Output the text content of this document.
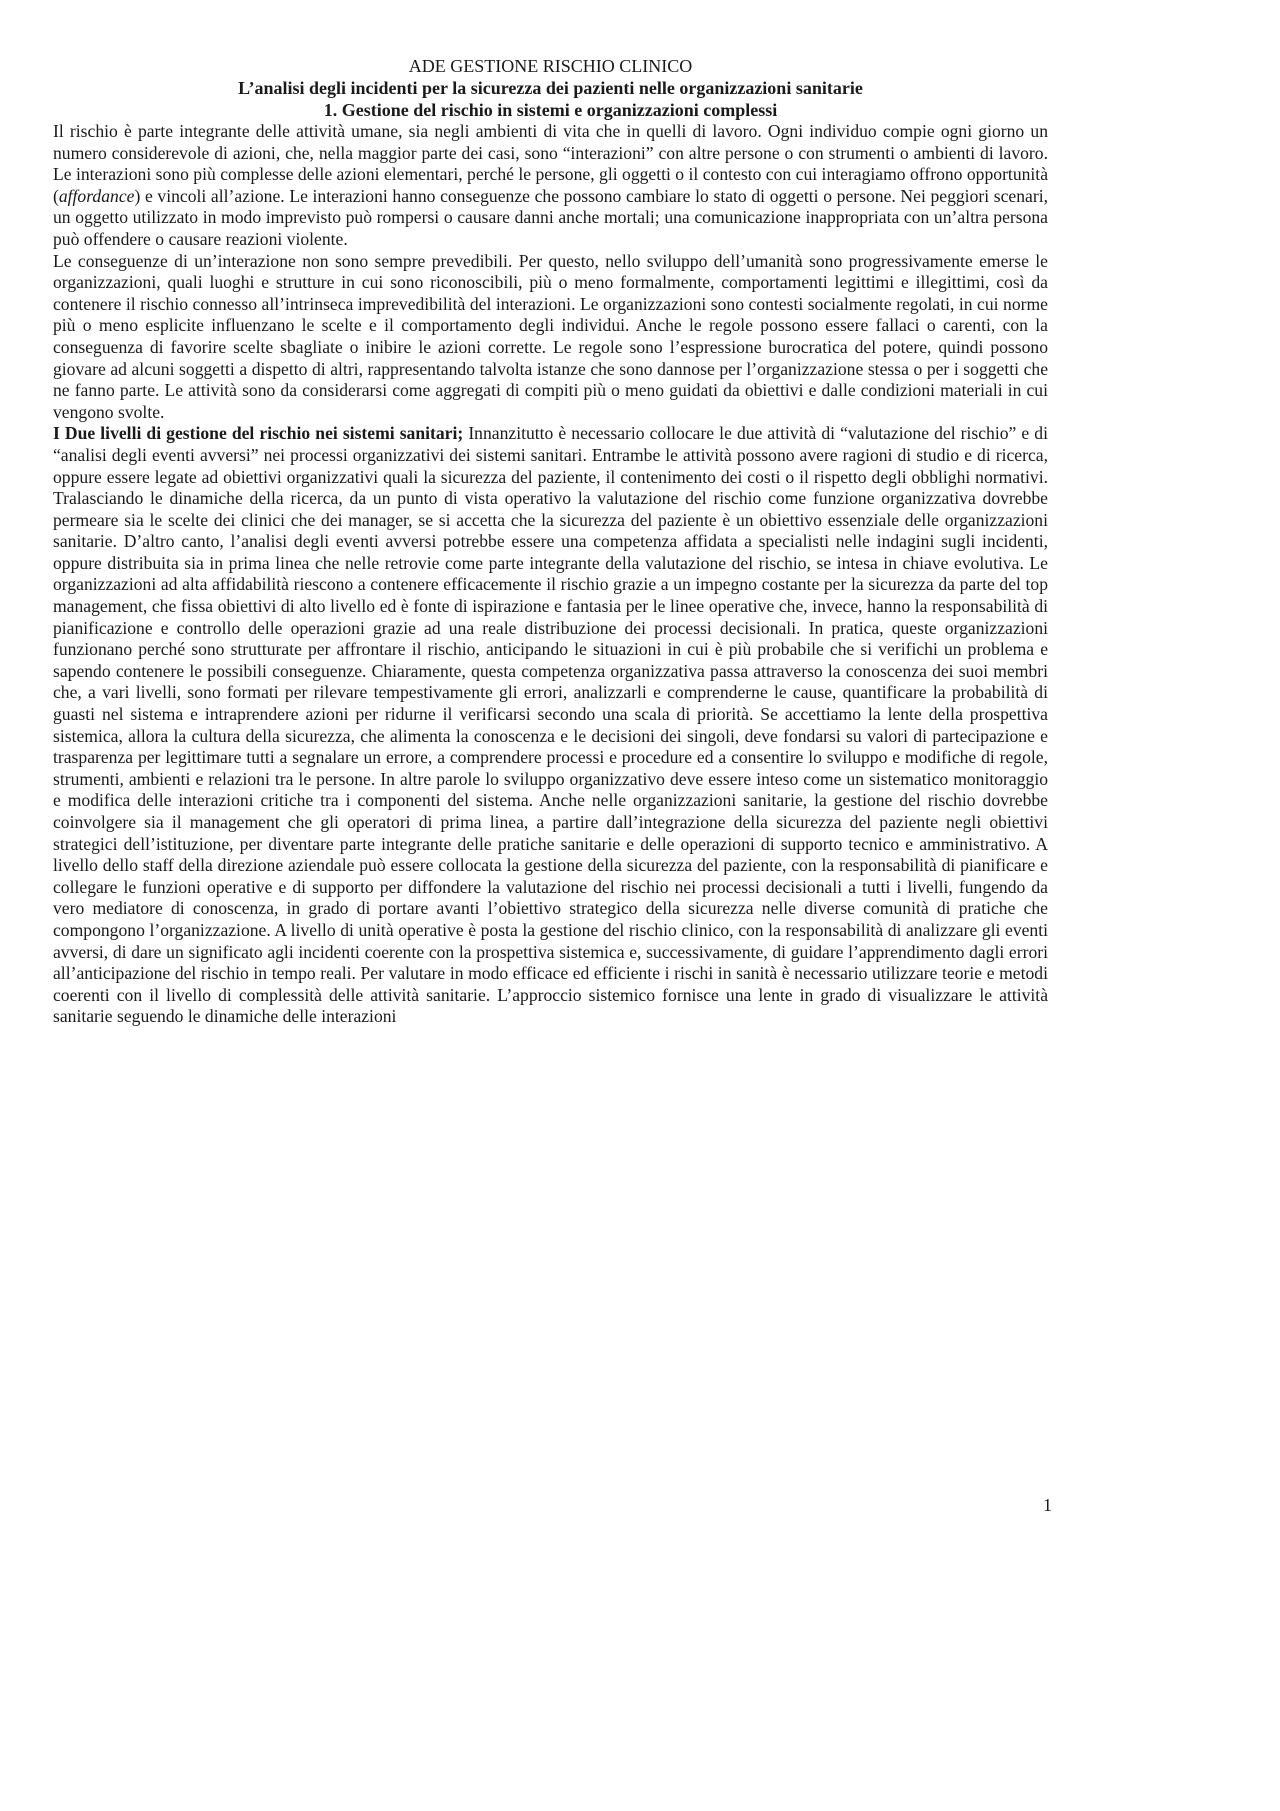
ADE GESTIONE RISCHIO CLINICO

L’analisi degli incidenti per la sicurezza dei pazienti nelle organizzazioni sanitarie

1. Gestione del rischio in sistemi e organizzazioni complessi

Il rischio è parte integrante delle attività umane, sia negli ambienti di vita che in quelli di lavoro. Ogni individuo compie ogni giorno un numero considerevole di azioni, che, nella maggior parte dei casi, sono “interazioni” con altre persone o con strumenti o ambienti di lavoro. Le interazioni sono più complesse delle azioni elementari, perché le persone, gli oggetti o il contesto con cui interagiamo offrono opportunità (affordance) e vincoli all’azione. Le interazioni hanno conseguenze che possono cambiare lo stato di oggetti o persone. Nei peggiori scenari, un oggetto utilizzato in modo imprevisto può rompersi o causare danni anche mortali; una comunicazione inappropriata con un’altra persona può offendere o causare reazioni violente.

Le conseguenze di un’interazione non sono sempre prevedibili. Per questo, nello sviluppo dell’umanità sono progressivamente emerse le organizzazioni, quali luoghi e strutture in cui sono riconoscibili, più o meno formalmente, comportamenti legittimi e illegittimi, così da contenere il rischio connesso all’intrinseca imprevedibilità del interazioni. Le organizzazioni sono contesti socialmente regolati, in cui norme più o meno esplicite influenzano le scelte e il comportamento degli individui. Anche le regole possono essere fallaci o carenti, con la conseguenza di favorire scelte sbagliate o inibire le azioni corrette. Le regole sono l’espressione burocratica del potere, quindi possono giovare ad alcuni soggetti a dispetto di altri, rappresentando talvolta istanze che sono dannose per l’organizzazione stessa o per i soggetti che ne fanno parte. Le attività sono da considerarsi come aggregati di compiti più o meno guidati da obiettivi e dalle condizioni materiali in cui vengono svolte.

I Due livelli di gestione del rischio nei sistemi sanitari; Innanzitutto è necessario collocare le due attività di “valutazione del rischio” e di “analisi degli eventi avversi” nei processi organizzativi dei sistemi sanitari. Entrambe le attività possono avere ragioni di studio e di ricerca, oppure essere legate ad obiettivi organizzativi quali la sicurezza del paziente, il contenimento dei costi o il rispetto degli obblighi normativi. Tralasciando le dinamiche della ricerca, da un punto di vista operativo la valutazione del rischio come funzione organizzativa dovrebbe permeare sia le scelte dei clinici che dei manager, se si accetta che la sicurezza del paziente è un obiettivo essenziale delle organizzazioni sanitarie. D’altro canto, l’analisi degli eventi avversi potrebbe essere una competenza affidata a specialisti nelle indagini sugli incidenti, oppure distribuita sia in prima linea che nelle retrovie come parte integrante della valutazione del rischio, se intesa in chiave evolutiva. Le organizzazioni ad alta affidabilità riescono a contenere efficacemente il rischio grazie a un impegno costante per la sicurezza da parte del top management, che fissa obiettivi di alto livello ed è fonte di ispirazione e fantasia per le linee operative che, invece, hanno la responsabilità di pianificazione e controllo delle operazioni grazie ad una reale distribuzione dei processi decisionali. In pratica, queste organizzazioni funzionano perché sono strutturate per affrontare il rischio, anticipando le situazioni in cui è più probabile che si verifichi un problema e sapendo contenere le possibili conseguenze. Chiaramente, questa competenza organizzativa passa attraverso la conoscenza dei suoi membri che, a vari livelli, sono formati per rilevare tempestivamente gli errori, analizzarli e comprenderne le cause, quantificare la probabilità di guasti nel sistema e intraprendere azioni per ridurne il verificarsi secondo una scala di priorità. Se accettiamo la lente della prospettiva sistemica, allora la cultura della sicurezza, che alimenta la conoscenza e le decisioni dei singoli, deve fondarsi su valori di partecipazione e trasparenza per legittimare tutti a segnalare un errore, a comprendere processi e procedure ed a consentire lo sviluppo e modifiche di regole, strumenti, ambienti e relazioni tra le persone. In altre parole lo sviluppo organizzativo deve essere inteso come un sistematico monitoraggio e modifica delle interazioni critiche tra i componenti del sistema. Anche nelle organizzazioni sanitarie, la gestione del rischio dovrebbe coinvolgere sia il management che gli operatori di prima linea, a partire dall’integrazione della sicurezza del paziente negli obiettivi strategici dell’istituzione, per diventare parte integrante delle pratiche sanitarie e delle operazioni di supporto tecnico e amministrativo. A livello dello staff della direzione aziendale può essere collocata la gestione della sicurezza del paziente, con la responsabilità di pianificare e collegare le funzioni operative e di supporto per diffondere la valutazione del rischio nei processi decisionali a tutti i livelli, fungendo da vero mediatore di conoscenza, in grado di portare avanti l’obiettivo strategico della sicurezza nelle diverse comunità di pratiche che compongono l’organizzazione. A livello di unità operative è posta la gestione del rischio clinico, con la responsabilità di analizzare gli eventi avversi, di dare un significato agli incidenti coerente con la prospettiva sistemica e, successivamente, di guidare l’apprendimento dagli errori all’anticipazione del rischio in tempo reali. Per valutare in modo efficace ed efficiente i rischi in sanità è necessario utilizzare teorie e metodi coerenti con il livello di complessità delle attività sanitarie. L’approccio sistemico fornisce una lente in grado di visualizzare le attività sanitarie seguendo le dinamiche delle interazioni

1
